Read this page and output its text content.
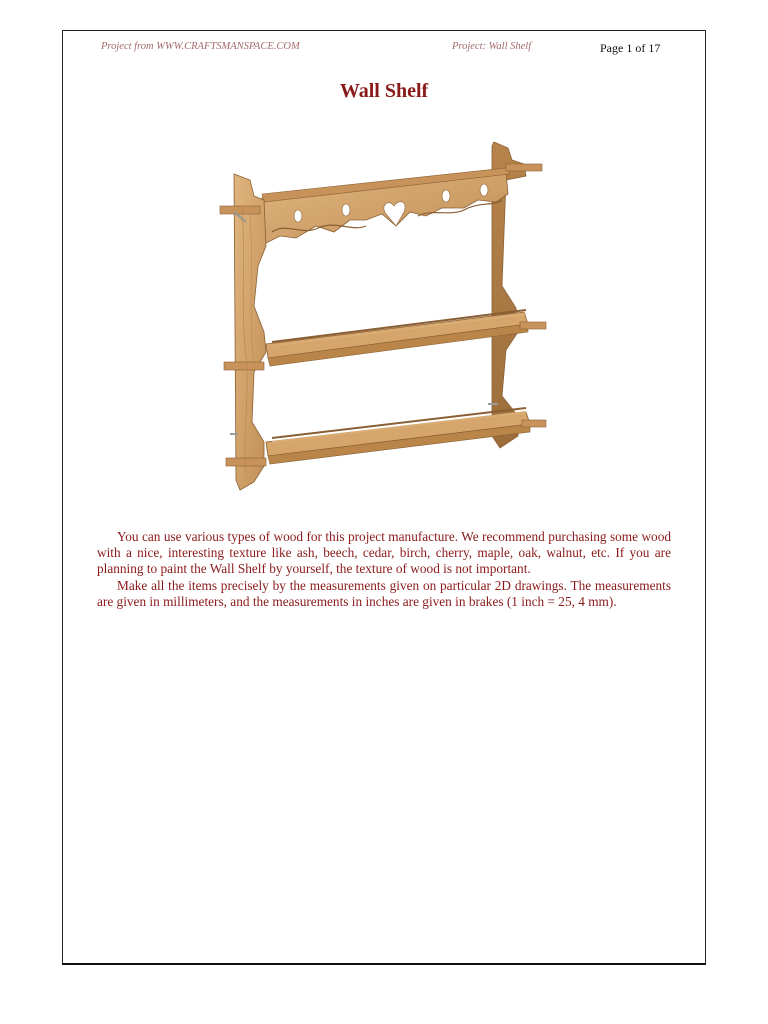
Project from WWW.CRAFTSMANSPACE.COM	Project: Wall Shelf	Page 1 of 17
Wall Shelf

You can use various types of wood for this project manufacture. We recommend purchasing some wood with a nice, interesting texture like ash, beech, cedar, birch, cherry, maple, oak, walnut, etc. If you are planning to paint the Wall Shelf by yourself, the texture of wood is not important.

Make all the items precisely by the measurements given on particular 2D drawings. The measurements are given in millimeters, and the measurements in inches are given in brakes (1 inch = 25, 4 mm).
